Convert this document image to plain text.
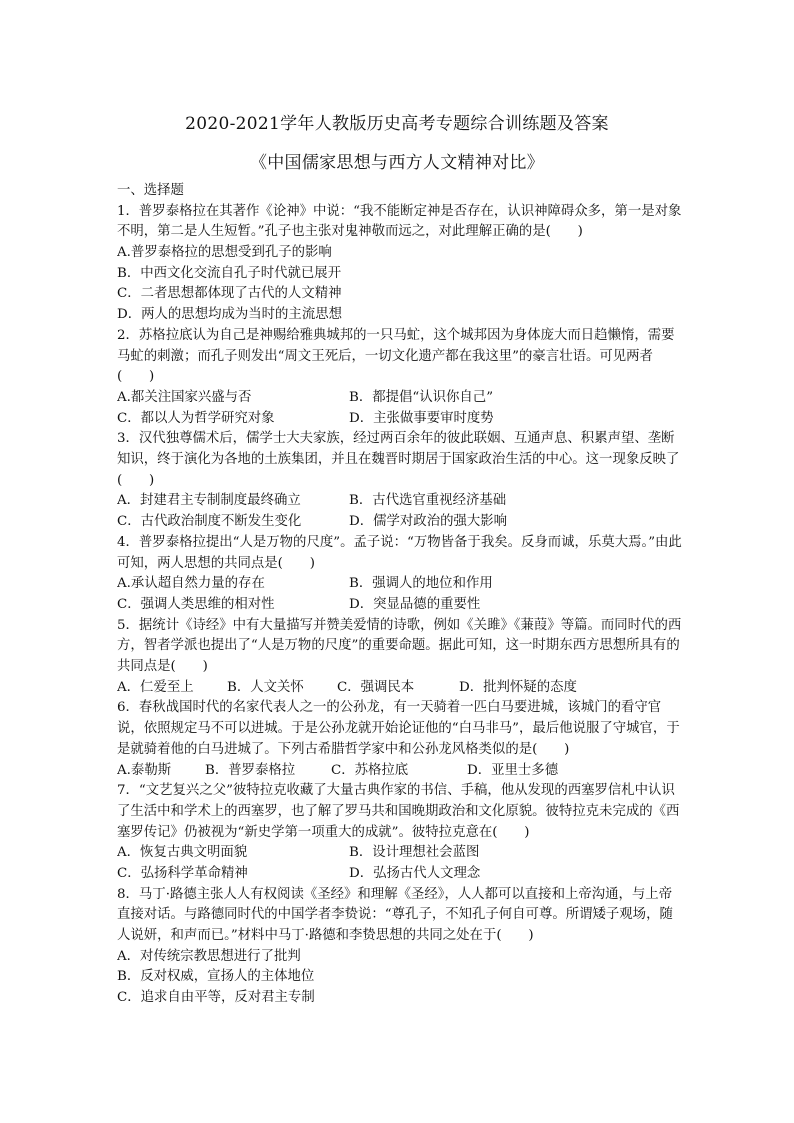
2020-2021学年人教版历史高考专题综合训练题及答案
《中国儒家思想与西方人文精神对比》
一、选择题
1．普罗泰格拉在其著作《论神》中说：“我不能断定神是否存在，认识神障碍众多，第一是对象不明，第二是人生短暂。”孔子也主张对鬼神敬而远之，对此理解正确的是(　　)
A.普罗泰格拉的思想受到孔子的影响
B．中西文化交流自孔子时代就已展开
C．二者思想都体现了古代的人文精神
D．两人的思想均成为当时的主流思想
2．苏格拉底认为自己是神赐给雅典城邦的一只马虻，这个城邦因为身体庞大而日趋懒惰，需要马虻的刺激；而孔子则发出“周文王死后，一切文化遗产都在我这里”的豪言壮语。可见两者(　　)
A.都关注国家兴盛与否	B．都提倡“认识你自己”
C．都以人为哲学研究对象	D．主张做事要审时度势
3．汉代独尊儒术后，儒学士大夫家族，经过两百余年的彼此联姻、互通声息、积累声望、垄断知识，终于演化为各地的土族集团，并且在魏晋时期居于国家政治生活的中心。这一现象反映了(　　)
A．封建君主专制制度最终确立	B．古代选官重视经济基础
C．古代政治制度不断发生变化	D．儒学对政治的强大影响
4．普罗泰格拉提出“人是万物的尺度”。孟子说：“万物皆备于我矣。反身而诚，乐莫大焉。”由此可知，两人思想的共同点是(　　)
A.承认超自然力量的存在	B．强调人的地位和作用
C．强调人类思维的相对性	D．突显品德的重要性
5．据统计《诗经》中有大量描写并赞美爱情的诗歌，例如《关雎》《蒹葭》等篇。而同时代的西方，智者学派也提出了“人是万物的尺度”的重要命题。据此可知，这一时期东西方思想所具有的共同点是(　　)
A．仁爱至上	B．人文关怀	C．强调民本	D．批判怀疑的态度
6．春秋战国时代的名家代表人之一的公孙龙，有一天骑着一匹白马要进城，该城门的看守官说，依照规定马不可以进城。于是公孙龙就开始论证他的“白马非马”，最后他说服了守城官，于是就骑着他的白马进城了。下列古希腊哲学家中和公孙龙风格类似的是(　　)
A.泰勒斯	B．普罗泰格拉	C．苏格拉底	D．亚里士多德
7．“文艺复兴之父”彼特拉克收藏了大量古典作家的书信、手稿，他从发现的西塞罗信札中认识了生活中和学术上的西塞罗，也了解了罗马共和国晚期政治和文化原貌。彼特拉克未完成的《西塞罗传记》仍被视为“新史学第一项重大的成就”。彼特拉克意在(　　)
A．恢复古典文明面貌	B．设计理想社会蓝图
C．弘扬科学革命精神	D．弘扬古代人文理念
8．马丁·路德主张人人有权阅读《圣经》和理解《圣经》，人人都可以直接和上帝沟通，与上帝直接对话。与路德同时代的中国学者李贽说：“尊孔子，不知孔子何自可尊。所谓矮子观场，随人说妍，和声而已。”材料中马丁·路德和李贽思想的共同之处在于(　　)
A．对传统宗教思想进行了批判
B．反对权威，宣扬人的主体地位
C．追求自由平等，反对君主专制
